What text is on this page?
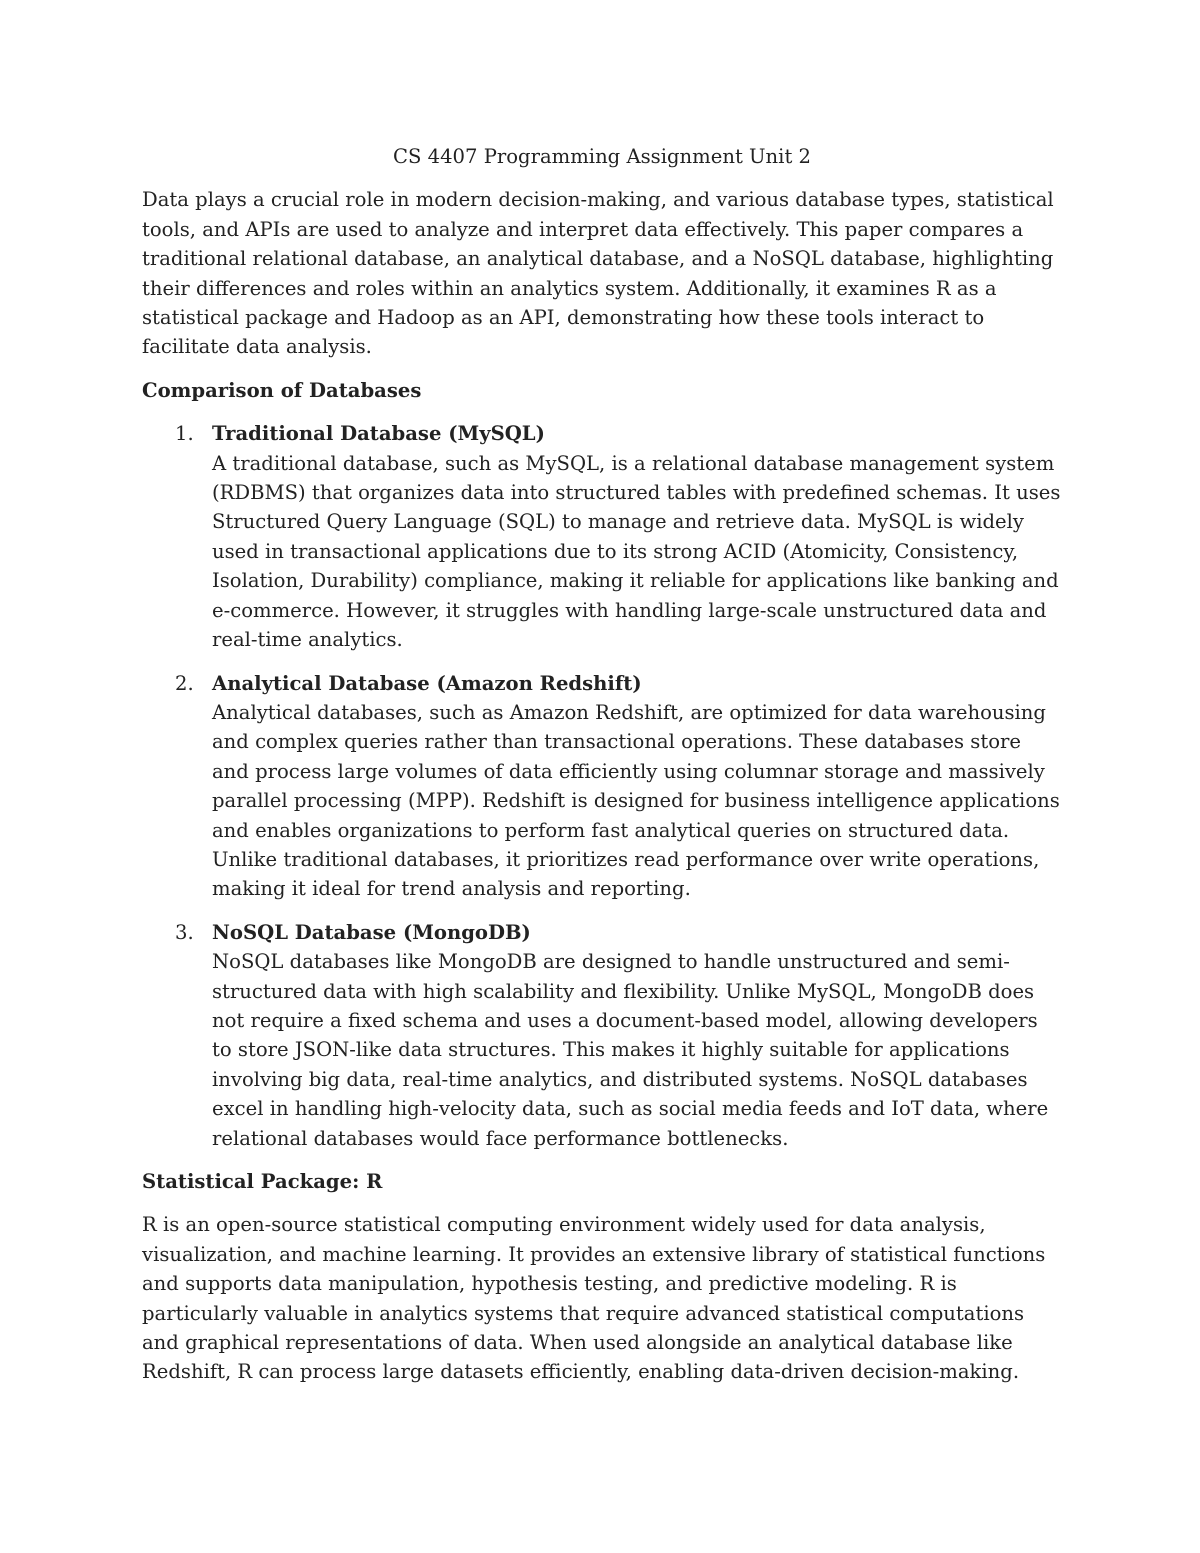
CS 4407 Programming Assignment Unit 2

Data plays a crucial role in modern decision-making, and various database types, statistical tools, and APIs are used to analyze and interpret data effectively. This paper compares a traditional relational database, an analytical database, and a NoSQL database, highlighting their differences and roles within an analytics system. Additionally, it examines R as a statistical package and Hadoop as an API, demonstrating how these tools interact to facilitate data analysis.

Comparison of Databases
1. Traditional Database (MySQL)
A traditional database, such as MySQL, is a relational database management system (RDBMS) that organizes data into structured tables with predefined schemas. It uses Structured Query Language (SQL) to manage and retrieve data. MySQL is widely used in transactional applications due to its strong ACID (Atomicity, Consistency, Isolation, Durability) compliance, making it reliable for applications like banking and e-commerce. However, it struggles with handling large-scale unstructured data and real-time analytics.
2. Analytical Database (Amazon Redshift)
Analytical databases, such as Amazon Redshift, are optimized for data warehousing and complex queries rather than transactional operations. These databases store and process large volumes of data efficiently using columnar storage and massively parallel processing (MPP). Redshift is designed for business intelligence applications and enables organizations to perform fast analytical queries on structured data. Unlike traditional databases, it prioritizes read performance over write operations, making it ideal for trend analysis and reporting.
3. NoSQL Database (MongoDB)
NoSQL databases like MongoDB are designed to handle unstructured and semi-structured data with high scalability and flexibility. Unlike MySQL, MongoDB does not require a fixed schema and uses a document-based model, allowing developers to store JSON-like data structures. This makes it highly suitable for applications involving big data, real-time analytics, and distributed systems. NoSQL databases excel in handling high-velocity data, such as social media feeds and IoT data, where relational databases would face performance bottlenecks.
Statistical Package: R

R is an open-source statistical computing environment widely used for data analysis, visualization, and machine learning. It provides an extensive library of statistical functions and supports data manipulation, hypothesis testing, and predictive modeling. R is particularly valuable in analytics systems that require advanced statistical computations and graphical representations of data. When used alongside an analytical database like Redshift, R can process large datasets efficiently, enabling data-driven decision-making.
